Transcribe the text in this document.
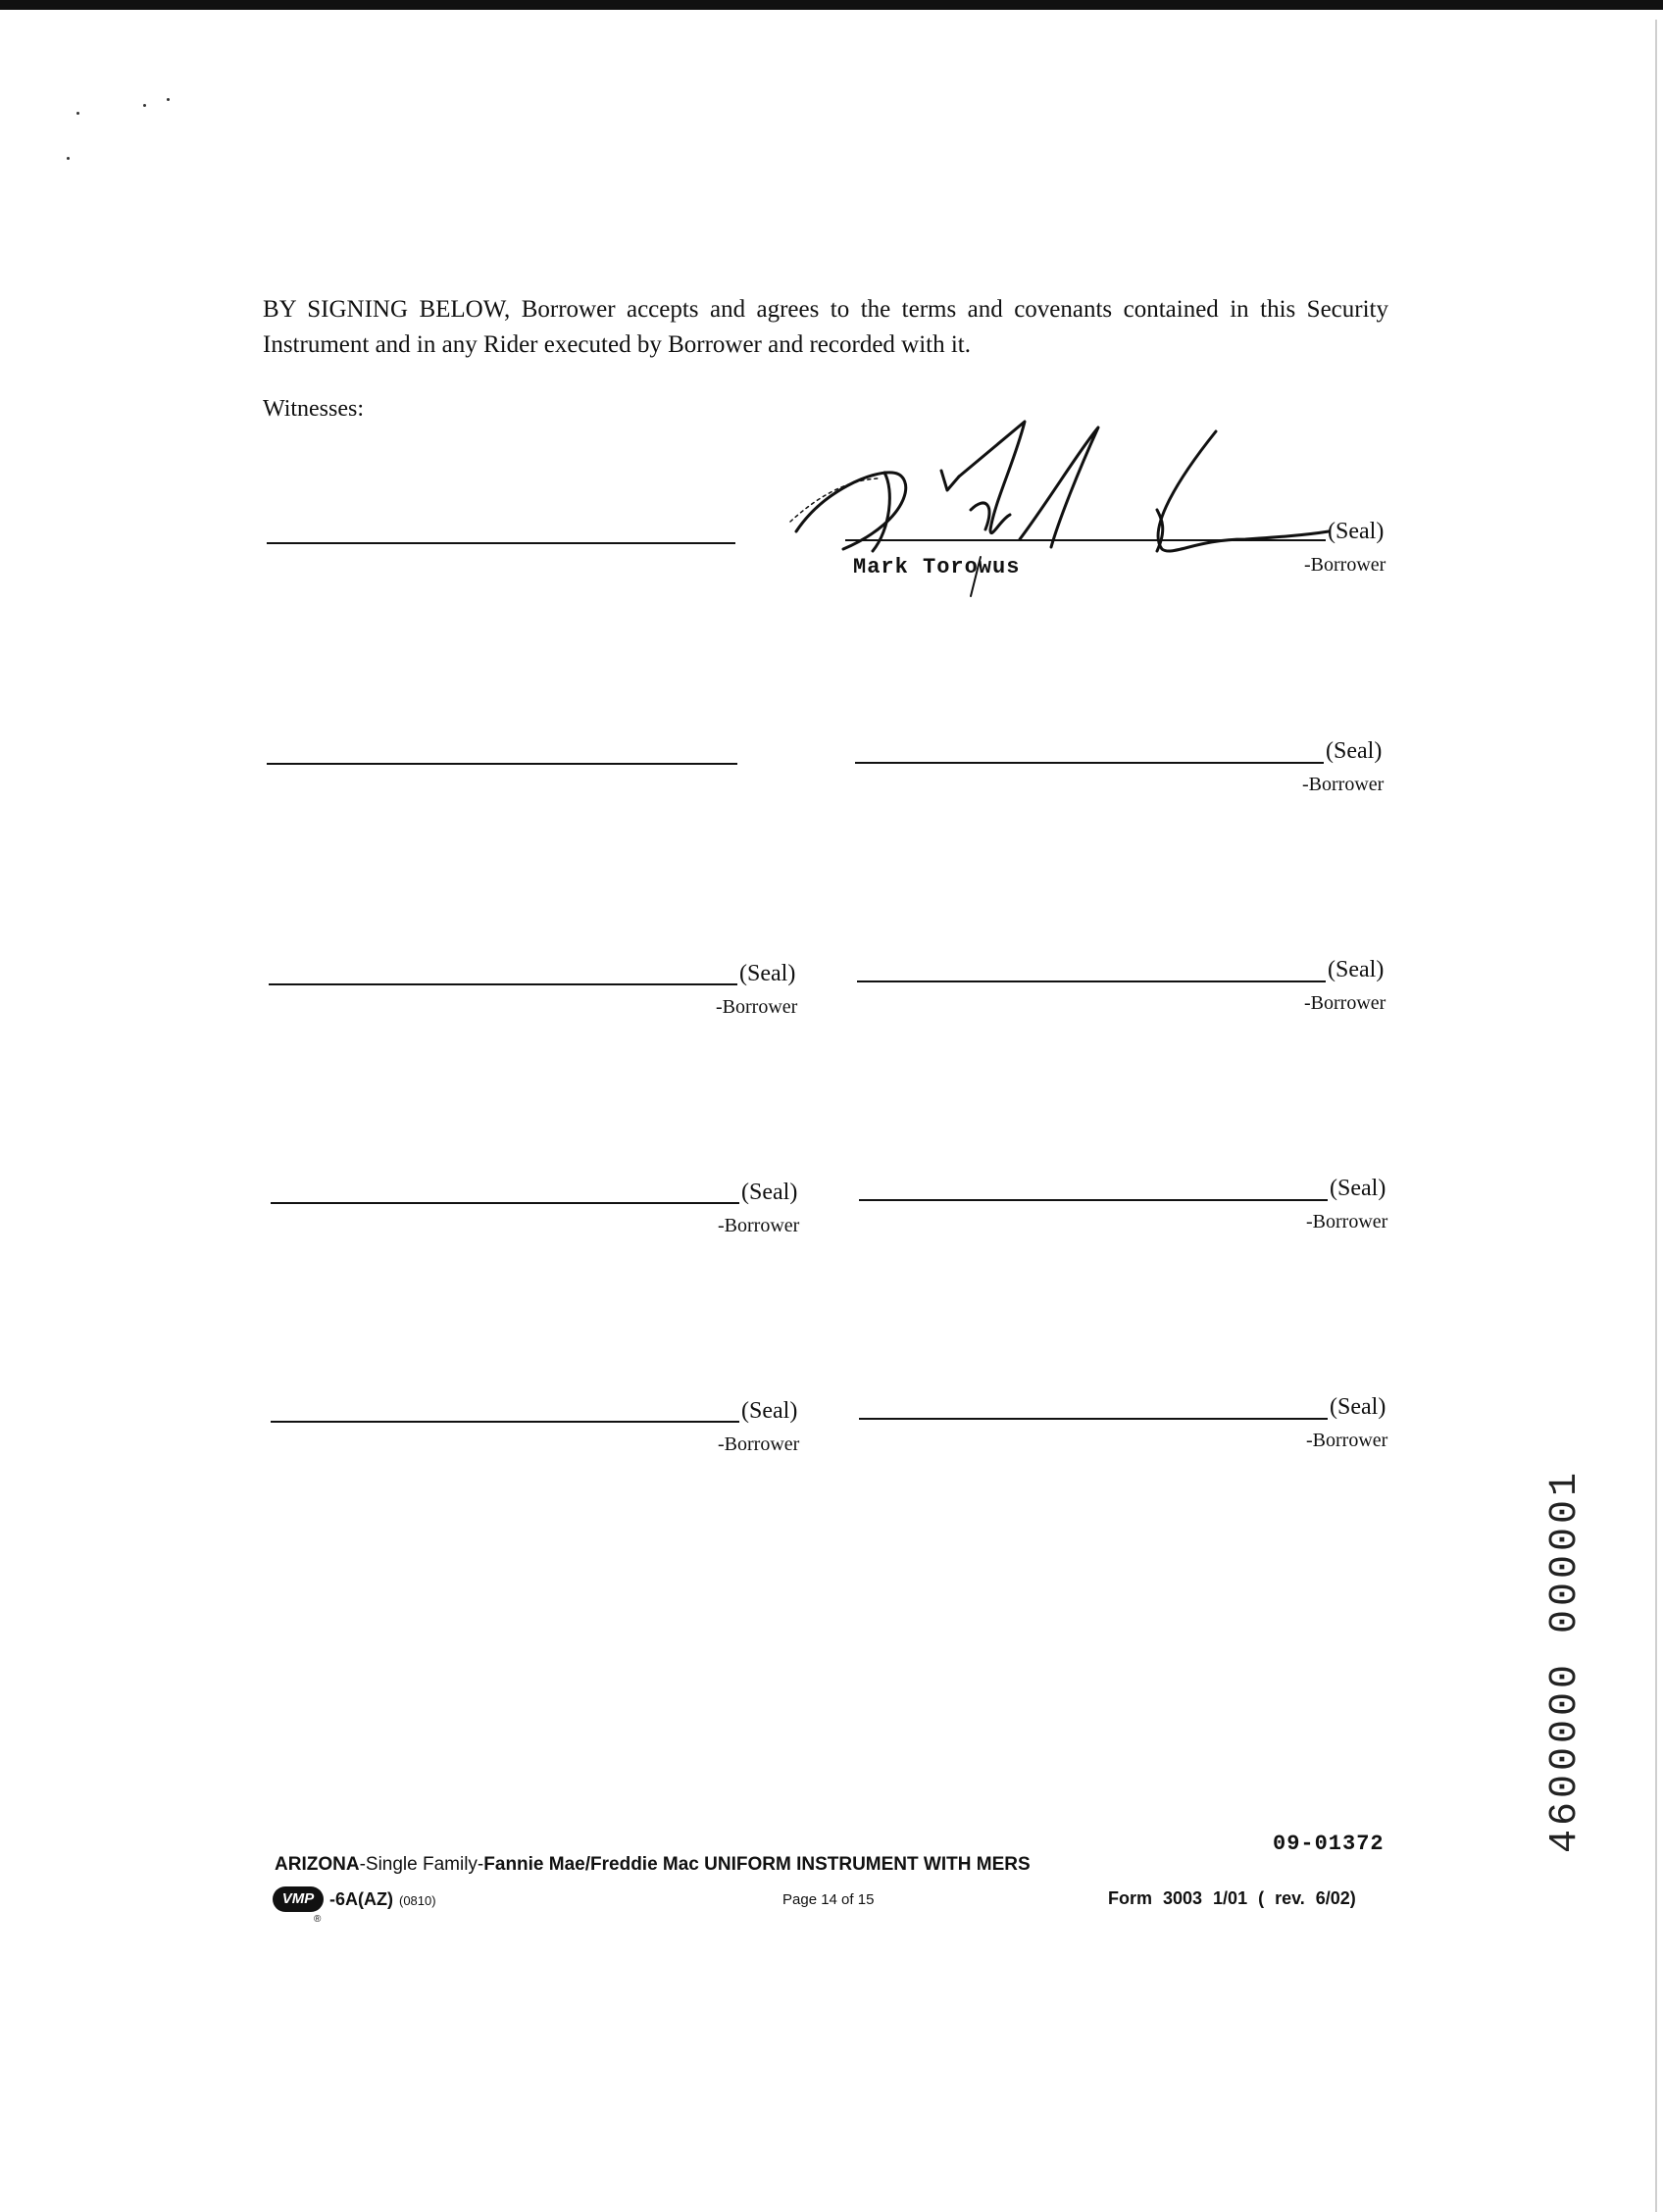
BY SIGNING BELOW, Borrower accepts and agrees to the terms and covenants contained in this Security Instrument and in any Rider executed by Borrower and recorded with it.
Witnesses:
(Seal)
-Borrower
Mark Torowus
(Seal)
-Borrower
(Seal)
-Borrower
(Seal)
-Borrower
(Seal)
-Borrower
(Seal)
-Borrower
(Seal)
-Borrower
(Seal)
-Borrower
09-01372
ARIZONA-Single Family-Fannie Mae/Freddie Mac UNIFORM INSTRUMENT WITH MERS
VMP
®
-6A(AZ) (0810)	Page 14 of 15	Form 3003 1/01 ( rev. 6/02)
4600000 000001
